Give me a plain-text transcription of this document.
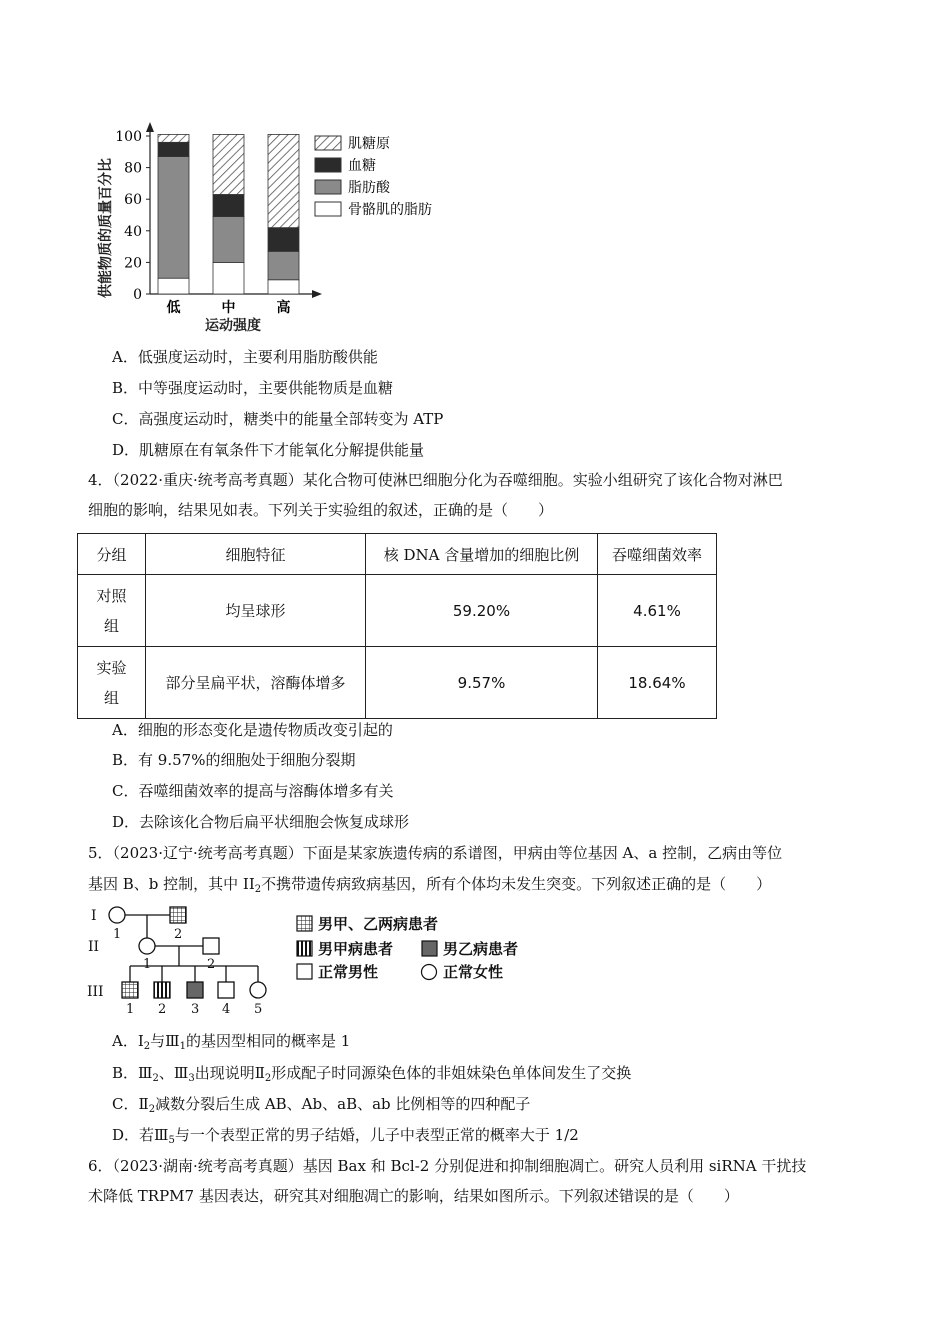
供能物质的质量百分比 0
20
40
60
80
100
低	中	高
运动强度
肌糖原
血糖
脂肪酸
骨骼肌的脂肪
A．低强度运动时，主要利用脂肪酸供能
B．中等强度运动时，主要供能物质是血糖
C．高强度运动时，糖类中的能量全部转变为 ATP
D．肌糖原在有氧条件下才能氧化分解提供能量
4．（2022·重庆·统考高考真题）某化合物可使淋巴细胞分化为吞噬细胞。实验小组研究了该化合物对淋巴
细胞的影响，结果见如表。下列关于实验组的叙述，正确的是（　　）
分组	细胞特征	核 DNA 含量增加的细胞比例	吞噬细菌效率
对照
组	均呈球形	59.20%	4.61%
实验
组	部分呈扁平状，溶酶体增多	9.57%	18.64%
A．细胞的形态变化是遗传物质改变引起的
B．有 9.57%的细胞处于细胞分裂期
C．吞噬细菌效率的提高与溶酶体增多有关
D．去除该化合物后扁平状细胞会恢复成球形
5．（2023·辽宁·统考高考真题）下面是某家族遗传病的系谱图，甲病由等位基因 A、a 控制，乙病由等位
基因 B、b 控制，其中 $II_2$不携带遗传病致病基因，所有个体均未发生突变。下列叙述正确的是（　　）
I
II
III
1	2
1	2
1 2 3 4 5
男甲、乙两病患者
男甲病患者	男乙病患者
正常男性	正常女性
A．$I_2$与$Ⅲ_1$的基因型相同的概率是 1
B．$Ⅲ_2$、$Ⅲ_3$出现说明$Ⅱ_2$形成配子时同源染色体的非姐妹染色单体间发生了交换
C．$Ⅱ_2$减数分裂后生成 AB、Ab、aB、ab 比例相等的四种配子
D．若$Ⅲ_5$与一个表型正常的男子结婚，儿子中表型正常的概率大于 1/2
6．（2023·湖南·统考高考真题）基因 Bax 和 Bcl-2 分别促进和抑制细胞凋亡。研究人员利用 siRNA 干扰技
术降低 TRPM7 基因表达，研究其对细胞凋亡的影响，结果如图所示。下列叙述错误的是（　　）
